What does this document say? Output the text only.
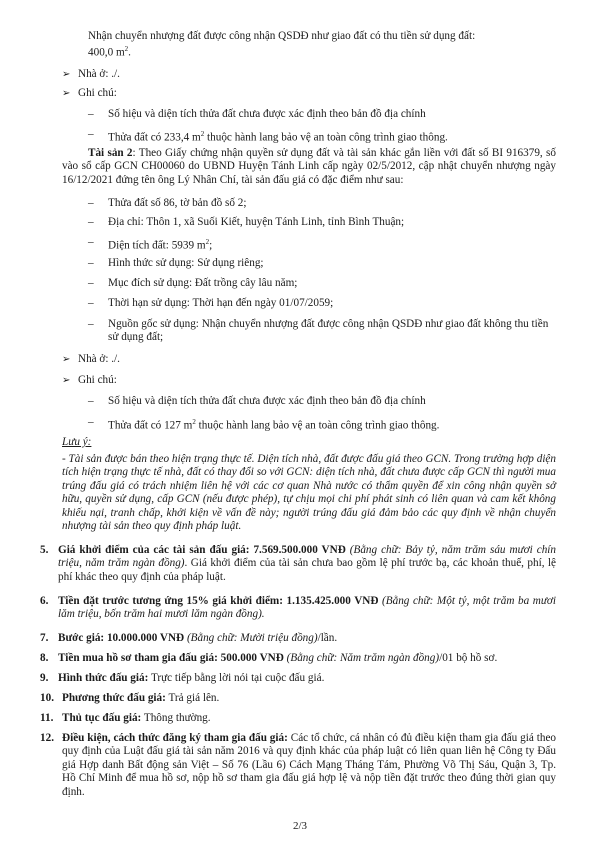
Nhận chuyển nhượng đất được công nhận QSDĐ như giao đất có thu tiền sử dụng đất:
400,0 $m^2$.

➢ Nhà ở: ./.
➢ Ghi chú:
–	Số hiệu và diện tích thửa đất chưa được xác định theo bản đồ địa chính
–	Thửa đất có 233,4 $m^2$ thuộc hành lang bảo vệ an toàn công trình giao thông.

Tài sản 2: Theo Giấy chứng nhận quyền sử dụng đất và tài sản khác gắn liền với đất số BI 916379, số vào sổ cấp GCN CH00060 do UBND Huyện Tánh Linh cấp ngày 02/5/2012, cập nhật chuyển nhượng ngày 16/12/2021 đứng tên ông Lý Nhân Chí, tài sản đấu giá có đặc điểm như sau:

–	Thửa đất số 86, tờ bản đồ số 2;
–	Địa chỉ: Thôn 1, xã Suối Kiết, huyện Tánh Linh, tỉnh Bình Thuận;
–	Diện tích đất: 5939 $m^2$;
–	Hình thức sử dụng: Sử dụng riêng;
–	Mục đích sử dụng: Đất trồng cây lâu năm;
–	Thời hạn sử dụng: Thời hạn đến ngày 01/07/2059;
–	Nguồn gốc sử dụng: Nhận chuyển nhượng đất được công nhận QSDĐ như giao đất không thu tiền sử dụng đất;
➢ Nhà ở: ./.
➢ Ghi chú:
–	Số hiệu và diện tích thửa đất chưa được xác định theo bản đồ địa chính
–	Thửa đất có 127 $m^2$ thuộc hành lang bảo vệ an toàn công trình giao thông.

Lưu ý:

- Tài sản được bán theo hiện trạng thực tế. Diện tích nhà, đất được đấu giá theo GCN. Trong trường hợp diện tích hiện trạng thực tế nhà, đất có thay đổi so với GCN: diện tích nhà, đất chưa được cấp GCN thì người mua trúng đấu giá có trách nhiệm liên hệ với các cơ quan Nhà nước có thẩm quyền để xin công nhận quyền sở hữu, quyền sử dụng, cấp GCN (nếu được phép), tự chịu mọi chi phí phát sinh có liên quan và cam kết không khiếu nại, tranh chấp, khởi kiện về vấn đề này; người trúng đấu giá đảm bảo các quy định về nhận chuyển nhượng tài sản theo quy định pháp luật.

5. Giá khởi điểm của các tài sản đấu giá: 7.569.500.000 VNĐ (Bằng chữ: Bảy tỷ, năm trăm sáu mươi chín triệu, năm trăm ngàn đồng). Giá khởi điểm của tài sản chưa bao gồm lệ phí trước bạ, các khoản thuế, phí, lệ phí khác theo quy định của pháp luật.
6. Tiền đặt trước tương ứng 15% giá khởi điểm: 1.135.425.000 VNĐ (Bằng chữ: Một tỷ, một trăm ba mươi lăm triệu, bốn trăm hai mươi lăm ngàn đồng).
7. Bước giá: 10.000.000 VNĐ (Bằng chữ: Mười triệu đồng)/lần.
8. Tiền mua hồ sơ tham gia đấu giá: 500.000 VNĐ (Bằng chữ: Năm trăm ngàn đồng)/01 bộ hồ sơ.
9. Hình thức đấu giá: Trực tiếp bằng lời nói tại cuộc đấu giá.
10. Phương thức đấu giá: Trả giá lên.
11. Thủ tục đấu giá: Thông thường.
12. Điều kiện, cách thức đăng ký tham gia đấu giá: Các tổ chức, cá nhân có đủ điều kiện tham gia đấu giá theo quy định của Luật đấu giá tài sản năm 2016 và quy định khác của pháp luật có liên quan liên hệ Công ty Đấu giá Hợp danh Bất động sản Việt – Số 76 (Lầu 6) Cách Mạng Tháng Tám, Phường Võ Thị Sáu, Quận 3, Tp. Hồ Chí Minh để mua hồ sơ, nộp hồ sơ tham gia đấu giá hợp lệ và nộp tiền đặt trước theo đúng thời gian quy định.
2/3
